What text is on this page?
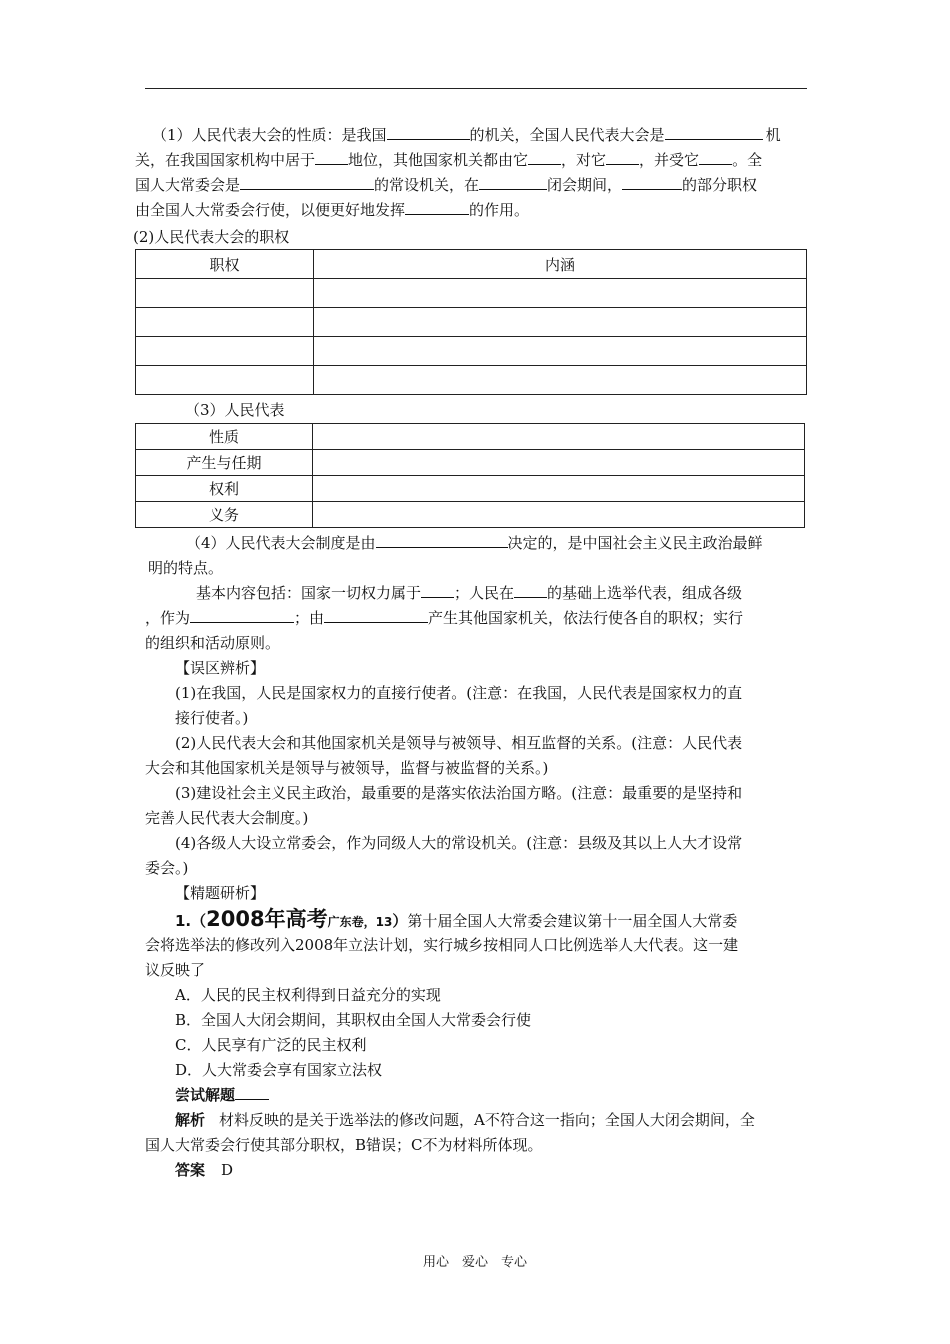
（1）人民代表大会的性质：是我国	的机关，全国人民代表大会是	机
关，在我国国家机构中居于 地位，其他国家机关都由它 ，对它 ，并受它 。全
国人大常委会是	的常设机关，在	闭会期间，	的部分职权
由全国人大常委会行使，以便更好地发挥	的作用。
(2)人民代表大会的职权
职权	内涵

（3）人民代表
性质	
产生与任期	
权利	
义务	
（4）人民代表大会制度是由	决定的，是中国社会主义民主政治最鲜
明的特点。
基本内容包括：国家一切权力属于 ；人民在 的基础上选举代表，组成各级
，作为	；由	产生其他国家机关，依法行使各自的职权；实行
的组织和活动原则。
【误区辨析】
(1)在我国，人民是国家权力的直接行使者。(注意：在我国，人民代表是国家权力的直
接行使者。)
(2)人民代表大会和其他国家机关是领导与被领导、相互监督的关系。(注意：人民代表
大会和其他国家机关是领导与被领导，监督与被监督的关系。)
(3)建设社会主义民主政治，最重要的是落实依法治国方略。(注意：最重要的是坚持和
完善人民代表大会制度。)
(4)各级人大设立常委会，作为同级人大的常设机关。(注意：县级及其以上人大才设常
委会。)
【精题研析】
1.（2008年高考广东卷，13）第十届全国人大常委会建议第十一届全国人大常委
会将选举法的修改列入2008年立法计划，实行城乡按相同人口比例选举人大代表。这一建
议反映了
A．人民的民主权利得到日益充分的实现
B．全国人大闭会期间，其职权由全国人大常委会行使
C．人民享有广泛的民主权利
D．人大常委会享有国家立法权
尝试解题
解析 材料反映的是关于选举法的修改问题，A不符合这一指向；全国人大闭会期间，全
国人大常委会行使其部分职权，B错误；C不为材料所体现。
答案 D
用心　爱心　专心
